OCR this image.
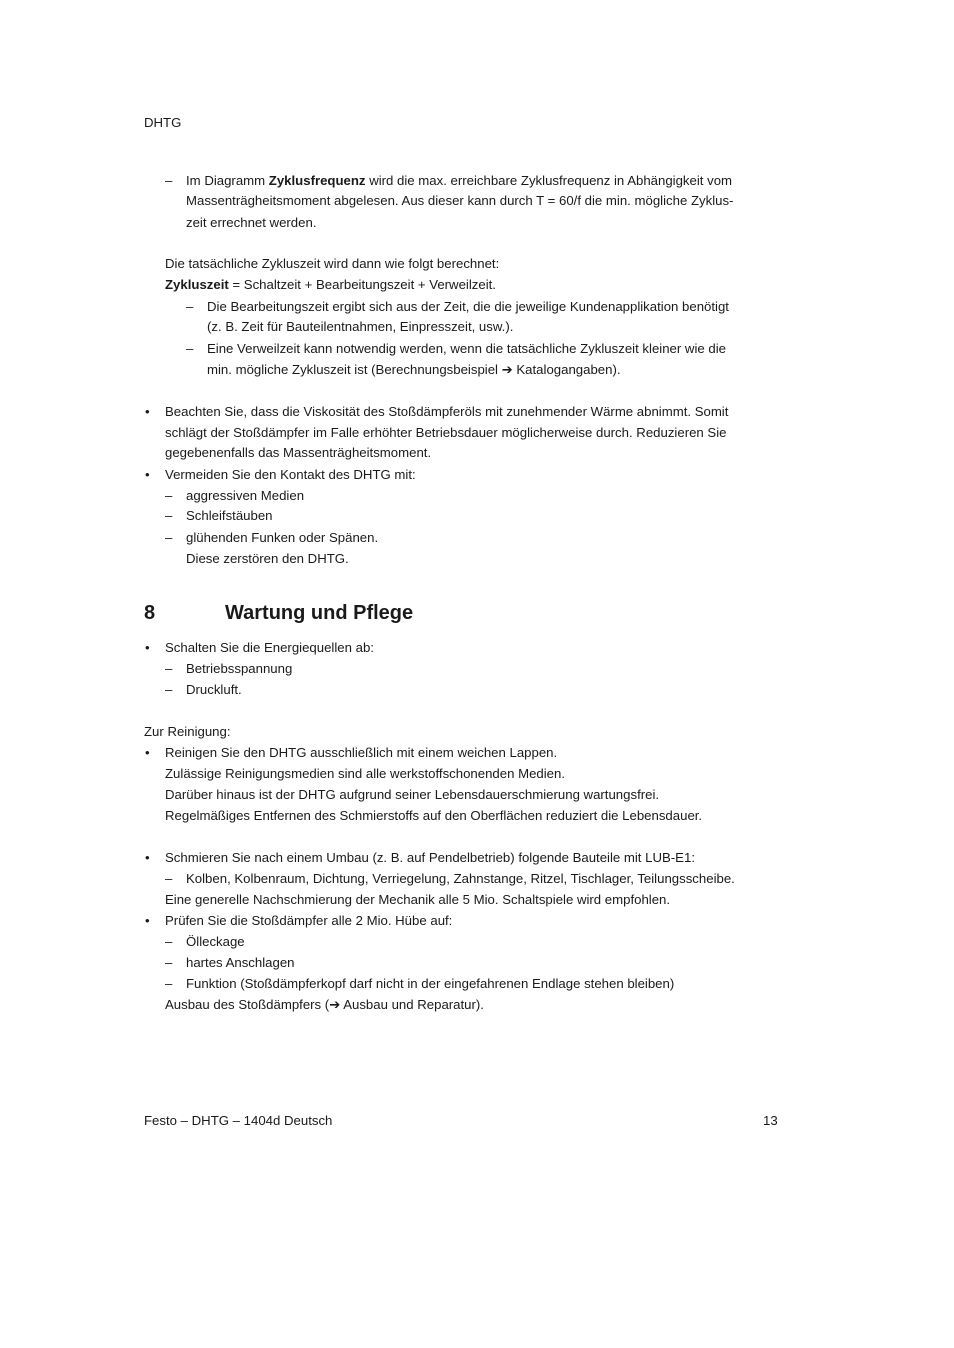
DHTG
– Im Diagramm Zyklusfrequenz wird die max. erreichbare Zyklusfrequenz in Abhängigkeit vom
Massenträgheitsmoment abgelesen. Aus dieser kann durch T = 60/f die min. mögliche Zyklus-
zeit errechnet werden.
Die tatsächliche Zykluszeit wird dann wie folgt berechnet:
Zykluszeit = Schaltzeit + Bearbeitungszeit + Verweilzeit.
– Die Bearbeitungszeit ergibt sich aus der Zeit, die die jeweilige Kundenapplikation benötigt
(z. B. Zeit für Bauteilentnahmen, Einpresszeit, usw.).
– Eine Verweilzeit kann notwendig werden, wenn die tatsächliche Zykluszeit kleiner wie die
min. mögliche Zykluszeit ist (Berechnungsbeispiel ➔ Katalogangaben).
• Beachten Sie, dass die Viskosität des Stoßdämpferöls mit zunehmender Wärme abnimmt. Somit
schlägt der Stoßdämpfer im Falle erhöhter Betriebsdauer möglicherweise durch. Reduzieren Sie
gegebenenfalls das Massenträgheitsmoment.
• Vermeiden Sie den Kontakt des DHTG mit:
– aggressiven Medien
– Schleifstäuben
– glühenden Funken oder Spänen.
Diese zerstören den DHTG.
8	Wartung und Pflege
• Schalten Sie die Energiequellen ab:
– Betriebsspannung
– Druckluft.
Zur Reinigung:
• Reinigen Sie den DHTG ausschließlich mit einem weichen Lappen.
Zulässige Reinigungsmedien sind alle werkstoffschonenden Medien.
Darüber hinaus ist der DHTG aufgrund seiner Lebensdauerschmierung wartungsfrei.
Regelmäßiges Entfernen des Schmierstoffs auf den Oberflächen reduziert die Lebensdauer.
• Schmieren Sie nach einem Umbau (z. B. auf Pendelbetrieb) folgende Bauteile mit LUB-E1:
– Kolben, Kolbenraum, Dichtung, Verriegelung, Zahnstange, Ritzel, Tischlager, Teilungsscheibe.
Eine generelle Nachschmierung der Mechanik alle 5 Mio. Schaltspiele wird empfohlen.
• Prüfen Sie die Stoßdämpfer alle 2 Mio. Hübe auf:
– Ölleckage
– hartes Anschlagen
– Funktion (Stoßdämpferkopf darf nicht in der eingefahrenen Endlage stehen bleiben)
Ausbau des Stoßdämpfers (➔ Ausbau und Reparatur).
Festo – DHTG – 1404d Deutsch	13
